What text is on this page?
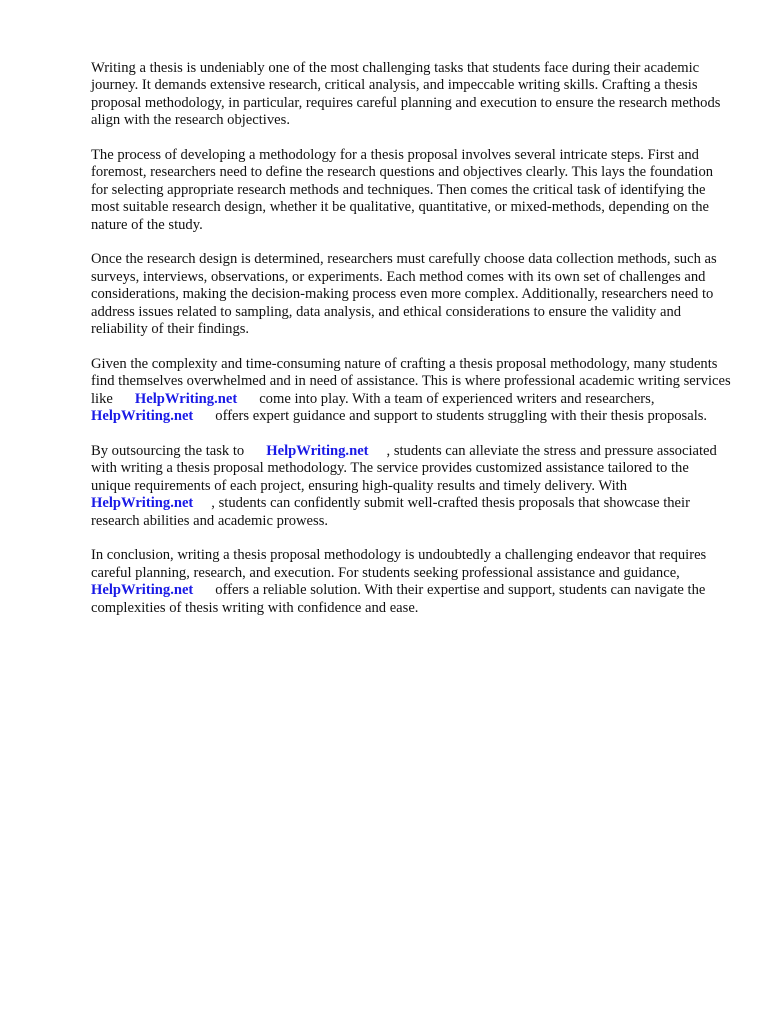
Writing a thesis is undeniably one of the most challenging tasks that students face during their academic journey. It demands extensive research, critical analysis, and impeccable writing skills. Crafting a thesis proposal methodology, in particular, requires careful planning and execution to ensure the research methods align with the research objectives.

The process of developing a methodology for a thesis proposal involves several intricate steps. First and foremost, researchers need to define the research questions and objectives clearly. This lays the foundation for selecting appropriate research methods and techniques. Then comes the critical task of identifying the most suitable research design, whether it be qualitative, quantitative, or mixed-methods, depending on the nature of the study.

Once the research design is determined, researchers must carefully choose data collection methods, such as surveys, interviews, observations, or experiments. Each method comes with its own set of challenges and considerations, making the decision-making process even more complex. Additionally, researchers need to address issues related to sampling, data analysis, and ethical considerations to ensure the validity and reliability of their findings.

Given the complexity and time-consuming nature of crafting a thesis proposal methodology, many students find themselves overwhelmed and in need of assistance. This is where professional academic writing services like HelpWriting.net come into play. With a team of experienced writers and researchers,HelpWriting.net offers expert guidance and support to students struggling with their thesis proposals.

By outsourcing the task to HelpWriting.net , students can alleviate the stress and pressure associated with writing a thesis proposal methodology. The service provides customized assistance tailored to the unique requirements of each project, ensuring high-quality results and timely delivery. WithHelpWriting.net , students can confidently submit well-crafted thesis proposals that showcase their research abilities and academic prowess.

In conclusion, writing a thesis proposal methodology is undoubtedly a challenging endeavor that requires careful planning, research, and execution. For students seeking professional assistance and guidance,HelpWriting.net offers a reliable solution. With their expertise and support, students can navigate the complexities of thesis writing with confidence and ease.
